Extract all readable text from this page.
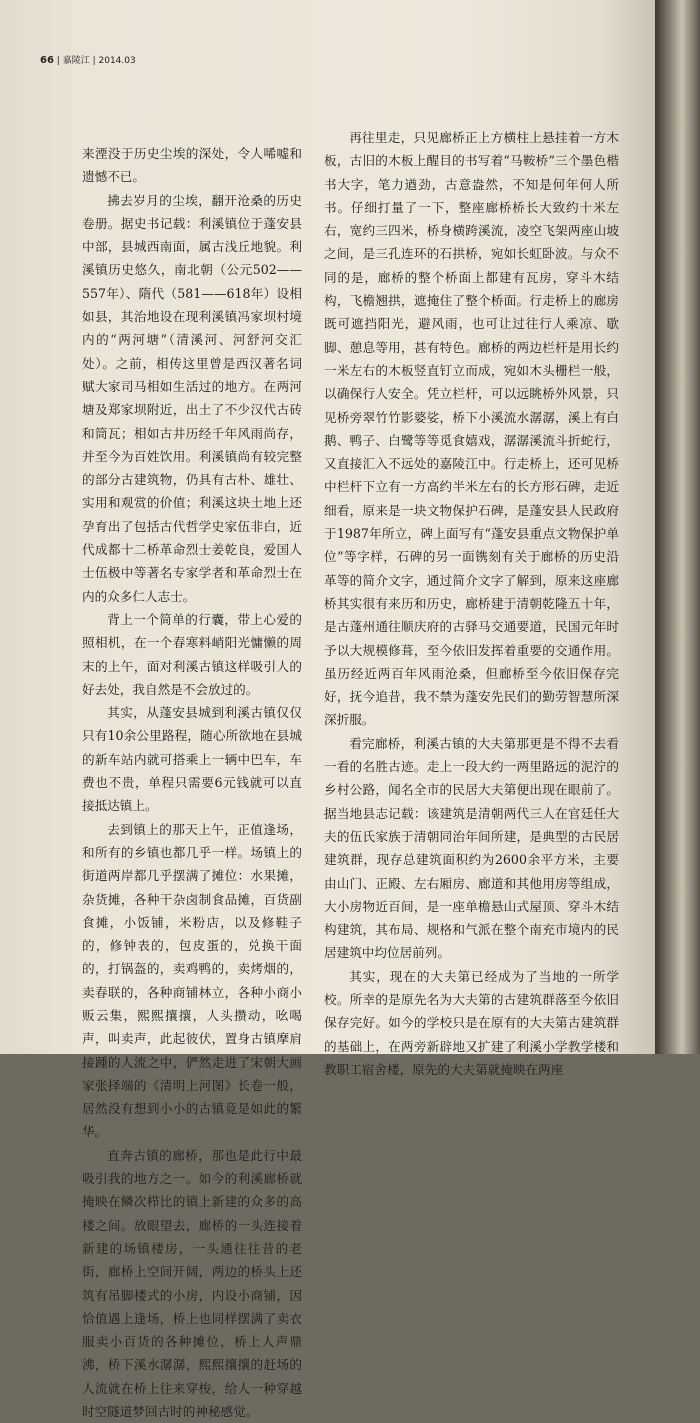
66 | 嘉陵江 | 2014.03

来湮没于历史尘埃的深处，令人唏嘘和遗憾不已。

拂去岁月的尘埃，翻开沧桑的历史卷册。据史书记载：利溪镇位于蓬安县中部，县城西南面，属古浅丘地貌。利溪镇历史悠久，南北朝（公元502——557年）、隋代（581——618年）设相如县，其治地设在现利溪镇冯家坝村境内的“两河塘”（清溪河、河舒河交汇处）。之前，相传这里曾是西汉著名词赋大家司马相如生活过的地方。在两河塘及郑家坝附近，出土了不少汉代古砖和筒瓦；相如古井历经千年风雨尚存，并至今为百姓饮用。利溪镇尚有较完整的部分古建筑物，仍具有古朴、雄壮、实用和观赏的价值；利溪这块土地上还孕育出了包括古代哲学史家伍非白，近代成都十二桥革命烈士姜乾良，爱国人士伍极中等著名专家学者和革命烈士在内的众多仁人志士。

背上一个简单的行囊，带上心爱的照相机，在一个春寒料峭阳光慵懒的周末的上午，面对利溪古镇这样吸引人的好去处，我自然是不会放过的。

其实，从蓬安县城到利溪古镇仅仅只有10余公里路程，随心所欲地在县城的新车站内就可搭乘上一辆中巴车，车费也不贵，单程只需要6元钱就可以直接抵达镇上。

去到镇上的那天上午，正值逢场，和所有的乡镇也都几乎一样。场镇上的街道两岸都几乎摆满了摊位：水果摊，杂货摊，各种干杂卤制食品摊，百货副食摊，小饭铺，米粉店，以及修鞋子的，修钟表的，包皮蛋的，兑换干面的，打锅盔的，卖鸡鸭的，卖烤烟的，卖春联的，各种商铺林立，各种小商小贩云集，熙熙攘攘，人头攒动，吆喝声，叫卖声，此起彼伏，置身古镇摩肩接踵的人流之中，俨然走进了宋朝大画家张择端的《清明上河图》长卷一般，居然没有想到小小的古镇竟是如此的繁华。

直奔古镇的廊桥，那也是此行中最吸引我的地方之一。如今的利溪廊桥就掩映在鳞次栉比的镇上新建的众多的高楼之间。放眼望去，廊桥的一头连接着新建的场镇楼房，一头通往往昔的老街，廊桥上空间开阔，两边的桥头上还筑有吊脚楼式的小房，内设小商铺，因恰值遇上逢场，桥上也同样摆满了卖衣服卖小百货的各种摊位，桥上人声鼎沸，桥下溪水潺潺，熙熙攘攘的赶场的人流就在桥上往来穿梭，给人一种穿越时空隧道梦回古时的神秘感觉。

再往里走，只见廊桥正上方横柱上悬挂着一方木板，古旧的木板上醒目的书写着“马鞍桥”三个墨色楷书大字，笔力遒劲，古意盎然，不知是何年何人所书。仔细打量了一下，整座廊桥桥长大致约十米左右，宽约三四米，桥身横跨溪流，凌空飞架两座山坡之间，是三孔连环的石拱桥，宛如长虹卧波。与众不同的是，廊桥的整个桥面上都建有瓦房，穿斗木结构，飞檐翘拱，遮掩住了整个桥面。行走桥上的廊房既可遮挡阳光，避风雨，也可让过往行人乘凉、歇脚、憩息等用，甚有特色。廊桥的两边栏杆是用长约一米左右的木板竖直钉立而成，宛如木头栅栏一般，以确保行人安全。凭立栏杆，可以远眺桥外风景，只见桥旁翠竹竹影婆娑，桥下小溪流水潺潺，溪上有白鹅、鸭子、白鹭等等觅食嬉戏，潺潺溪流斗折蛇行，又直接汇入不远处的嘉陵江中。行走桥上，还可见桥中栏杆下立有一方高约半米左右的长方形石碑，走近细看，原来是一块文物保护石碑，是蓬安县人民政府于1987年所立，碑上面写有“蓬安县重点文物保护单位”等字样，石碑的另一面镌刻有关于廊桥的历史沿革等的简介文字，通过简介文字了解到，原来这座廊桥其实很有来历和历史，廊桥建于清朝乾隆五十年，是古蓬州通往顺庆府的古驿马交通要道，民国元年时予以大规模修葺，至今依旧发挥着重要的交通作用。虽历经近两百年风雨沧桑，但廊桥至今依旧保存完好，抚今追昔，我不禁为蓬安先民们的勤劳智慧所深深折服。

看完廊桥，利溪古镇的大夫第那更是不得不去看一看的名胜古迹。走上一段大约一两里路远的泥泞的乡村公路，闻名全市的民居大夫第便出现在眼前了。据当地县志记载：该建筑是清朝两代三人在官廷任大夫的伍氏家族于清朝同治年间所建，是典型的古民居建筑群，现存总建筑面积约为2600余平方米，主要由山门、正殿、左右厢房、廊道和其他用房等组成，大小房物近百间，是一座单檐悬山式屋顶、穿斗木结构建筑，其布局、规格和气派在整个南充市境内的民居建筑中均位居前列。

其实，现在的大夫第已经成为了当地的一所学校。所幸的是原先名为大夫第的古建筑群落至今依旧保存完好。如今的学校只是在原有的大夫第古建筑群的基础上，在两旁新辟地又扩建了利溪小学教学楼和教职工宿舍楼，原先的大夫第就掩映在两座
